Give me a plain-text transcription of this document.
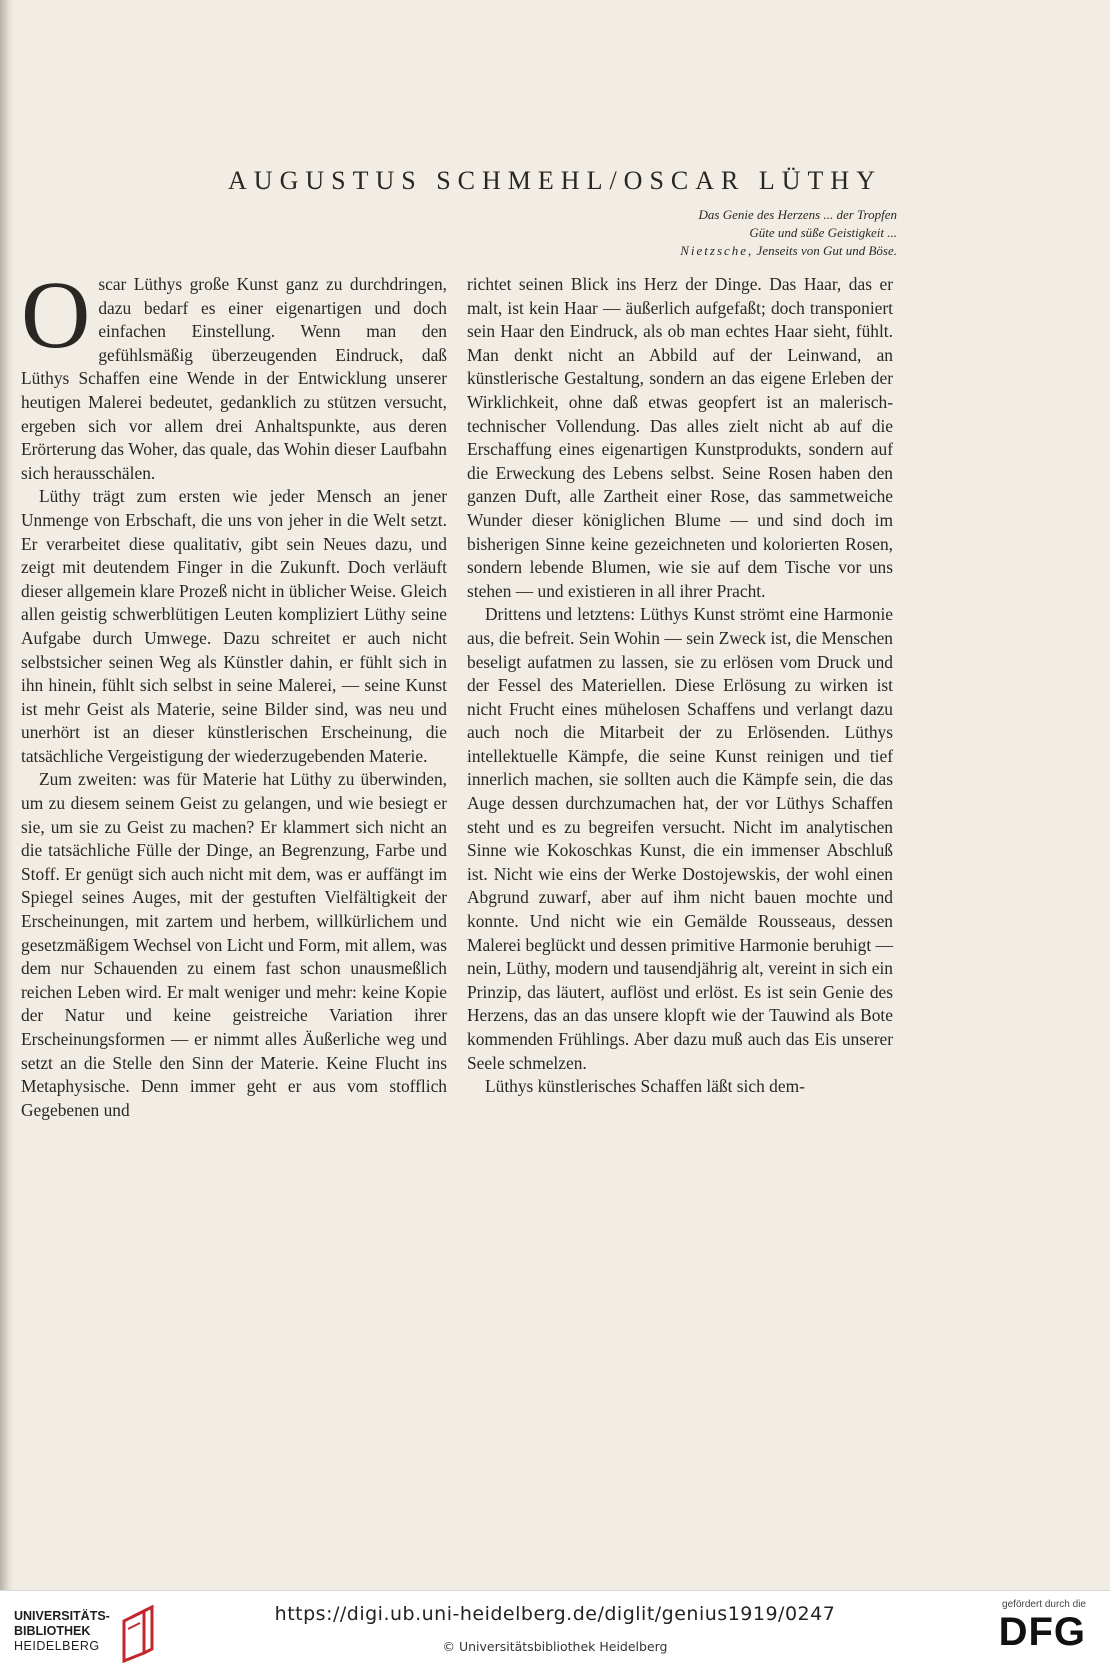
AUGUSTUS SCHMEHL/OSCAR LÜTHY
Das Genie des Herzens ... der Tropfen
Güte und süße Geistigkeit ...
Nietzsche, Jenseits von Gut und Böse.

Oscar Lüthys große Kunst ganz zu durchdringen, dazu bedarf es einer eigenartigen und doch einfachen Einstellung. Wenn man den gefühlsmäßig überzeugenden Eindruck, daß Lüthys Schaffen eine Wende in der Entwicklung unserer heutigen Malerei bedeutet, gedanklich zu stützen versucht, ergeben sich vor allem drei Anhaltspunkte, aus deren Erörterung das Woher, das quale, das Wohin dieser Laufbahn sich herausschälen.

Lüthy trägt zum ersten wie jeder Mensch an jener Unmenge von Erbschaft, die uns von jeher in die Welt setzt. Er verarbeitet diese qualitativ, gibt sein Neues dazu, und zeigt mit deutendem Finger in die Zukunft. Doch verläuft dieser allgemein klare Prozeß nicht in üblicher Weise. Gleich allen geistig schwerblütigen Leuten kompliziert Lüthy seine Aufgabe durch Umwege. Dazu schreitet er auch nicht selbstsicher seinen Weg als Künstler dahin, er fühlt sich in ihn hinein, fühlt sich selbst in seine Malerei, — seine Kunst ist mehr Geist als Materie, seine Bilder sind, was neu und unerhört ist an dieser künstlerischen Erscheinung, die tatsächliche Vergeistigung der wiederzugebenden Materie.

Zum zweiten: was für Materie hat Lüthy zu überwinden, um zu diesem seinem Geist zu gelangen, und wie besiegt er sie, um sie zu Geist zu machen? Er klammert sich nicht an die tatsächliche Fülle der Dinge, an Begrenzung, Farbe und Stoff. Er genügt sich auch nicht mit dem, was er auffängt im Spiegel seines Auges, mit der gestuften Vielfältigkeit der Erscheinungen, mit zartem und herbem, willkürlichem und gesetzmäßigem Wechsel von Licht und Form, mit allem, was dem nur Schauenden zu einem fast schon unausmeßlich reichen Leben wird. Er malt weniger und mehr: keine Kopie der Natur und keine geistreiche Variation ihrer Erscheinungsformen — er nimmt alles Äußerliche weg und setzt an die Stelle den Sinn der Materie. Keine Flucht ins Metaphysische. Denn immer geht er aus vom stofflich Gegebenen und

richtet seinen Blick ins Herz der Dinge. Das Haar, das er malt, ist kein Haar — äußerlich aufgefaßt; doch transponiert sein Haar den Eindruck, als ob man echtes Haar sieht, fühlt. Man denkt nicht an Abbild auf der Leinwand, an künstlerische Gestaltung, sondern an das eigene Erleben der Wirklichkeit, ohne daß etwas geopfert ist an malerisch-technischer Vollendung. Das alles zielt nicht ab auf die Erschaffung eines eigenartigen Kunstprodukts, sondern auf die Erweckung des Lebens selbst. Seine Rosen haben den ganzen Duft, alle Zartheit einer Rose, das sammetweiche Wunder dieser königlichen Blume — und sind doch im bisherigen Sinne keine gezeichneten und kolorierten Rosen, sondern lebende Blumen, wie sie auf dem Tische vor uns stehen — und existieren in all ihrer Pracht.

Drittens und letztens: Lüthys Kunst strömt eine Harmonie aus, die befreit. Sein Wohin — sein Zweck ist, die Menschen beseligt aufatmen zu lassen, sie zu erlösen vom Druck und der Fessel des Materiellen. Diese Erlösung zu wirken ist nicht Frucht eines mühelosen Schaffens und verlangt dazu auch noch die Mitarbeit der zu Erlösenden. Lüthys intellektuelle Kämpfe, die seine Kunst reinigen und tief innerlich machen, sie sollten auch die Kämpfe sein, die das Auge dessen durchzumachen hat, der vor Lüthys Schaffen steht und es zu begreifen versucht. Nicht im analytischen Sinne wie Kokoschkas Kunst, die ein immenser Abschluß ist. Nicht wie eins der Werke Dostojewskis, der wohl einen Abgrund zuwarf, aber auf ihm nicht bauen mochte und konnte. Und nicht wie ein Gemälde Rousseaus, dessen Malerei beglückt und dessen primitive Harmonie beruhigt — nein, Lüthy, modern und tausendjährig alt, vereint in sich ein Prinzip, das läutert, auflöst und erlöst. Es ist sein Genie des Herzens, das an das unsere klopft wie der Tauwind als Bote kommenden Frühlings. Aber dazu muß auch das Eis unserer Seele schmelzen.

Lüthys künstlerisches Schaffen läßt sich dem-

UNIVERSITÄTS-
BIBLIOTHEK
HEIDELBERG
https://digi.ub.uni-heidelberg.de/diglit/genius1919/0247
© Universitätsbibliothek Heidelberg
gefördert durch die
DFG
